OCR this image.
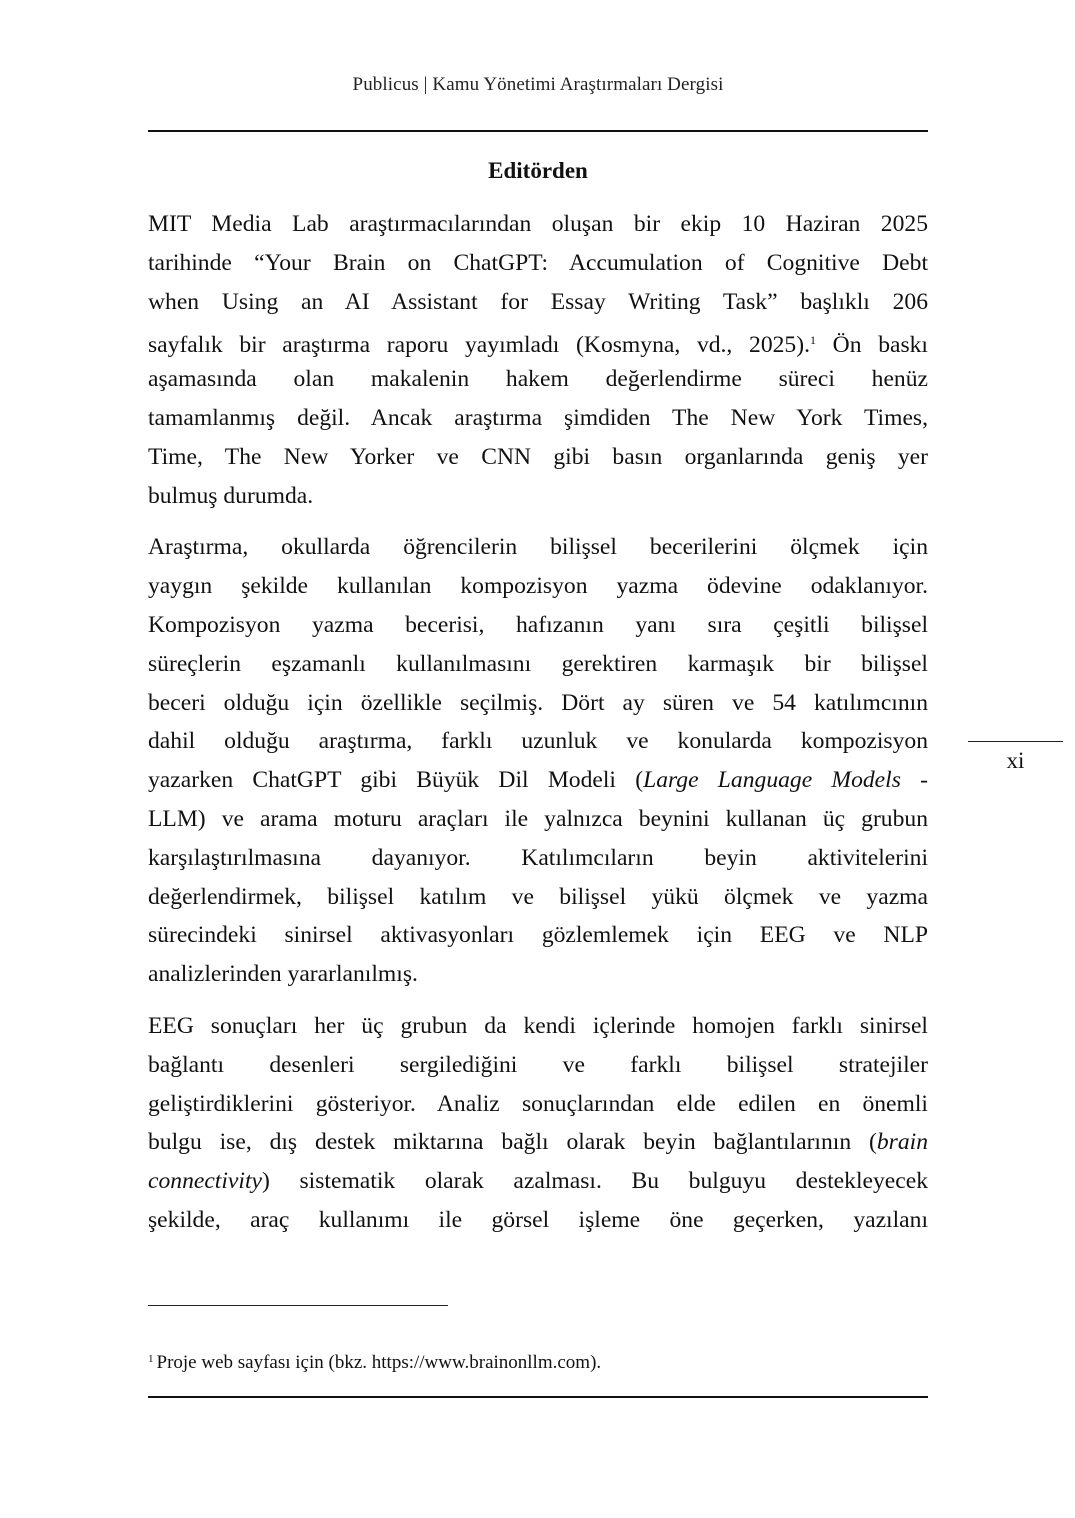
Publicus | Kamu Yönetimi Araştırmaları Dergisi
Editörden
MIT Media Lab araştırmacılarından oluşan bir ekip 10 Haziran 2025
tarihinde “Your Brain on ChatGPT: Accumulation of Cognitive Debt
when Using an AI Assistant for Essay Writing Task” başlıklı 206
sayfalık bir araştırma raporu yayımladı (Kosmyna, vd., 2025).$^1$ Ön baskı
aşamasında olan makalenin hakem değerlendirme süreci henüz
tamamlanmış değil. Ancak araştırma şimdiden The New York Times,
Time, The New Yorker ve CNN gibi basın organlarında geniş yer
bulmuş durumda.
Araştırma, okullarda öğrencilerin bilişsel becerilerini ölçmek için
yaygın şekilde kullanılan kompozisyon yazma ödevine odaklanıyor.
Kompozisyon yazma becerisi, hafızanın yanı sıra çeşitli bilişsel
süreçlerin eşzamanlı kullanılmasını gerektiren karmaşık bir bilişsel
beceri olduğu için özellikle seçilmiş. Dört ay süren ve 54 katılımcının
dahil olduğu araştırma, farklı uzunluk ve konularda kompozisyon
yazarken ChatGPT gibi Büyük Dil Modeli (Large Language Models -
LLM) ve arama moturu araçları ile yalnızca beynini kullanan üç grubun
karşılaştırılmasına dayanıyor. Katılımcıların beyin aktivitelerini
değerlendirmek, bilişsel katılım ve bilişsel yükü ölçmek ve yazma
sürecindeki sinirsel aktivasyonları gözlemlemek için EEG ve NLP
analizlerinden yararlanılmış.
EEG sonuçları her üç grubun da kendi içlerinde homojen farklı sinirsel
bağlantı desenleri sergilediğini ve farklı bilişsel stratejiler
geliştirdiklerini gösteriyor. Analiz sonuçlarından elde edilen en önemli
bulgu ise, dış destek miktarına bağlı olarak beyin bağlantılarının (brain
connectivity) sistematik olarak azalması. Bu bulguyu destekleyecek
şekilde, araç kullanımı ile görsel işleme öne geçerken, yazılanı
xi
$^1$ Proje web sayfası için (bkz. https://www.brainonllm.com).
